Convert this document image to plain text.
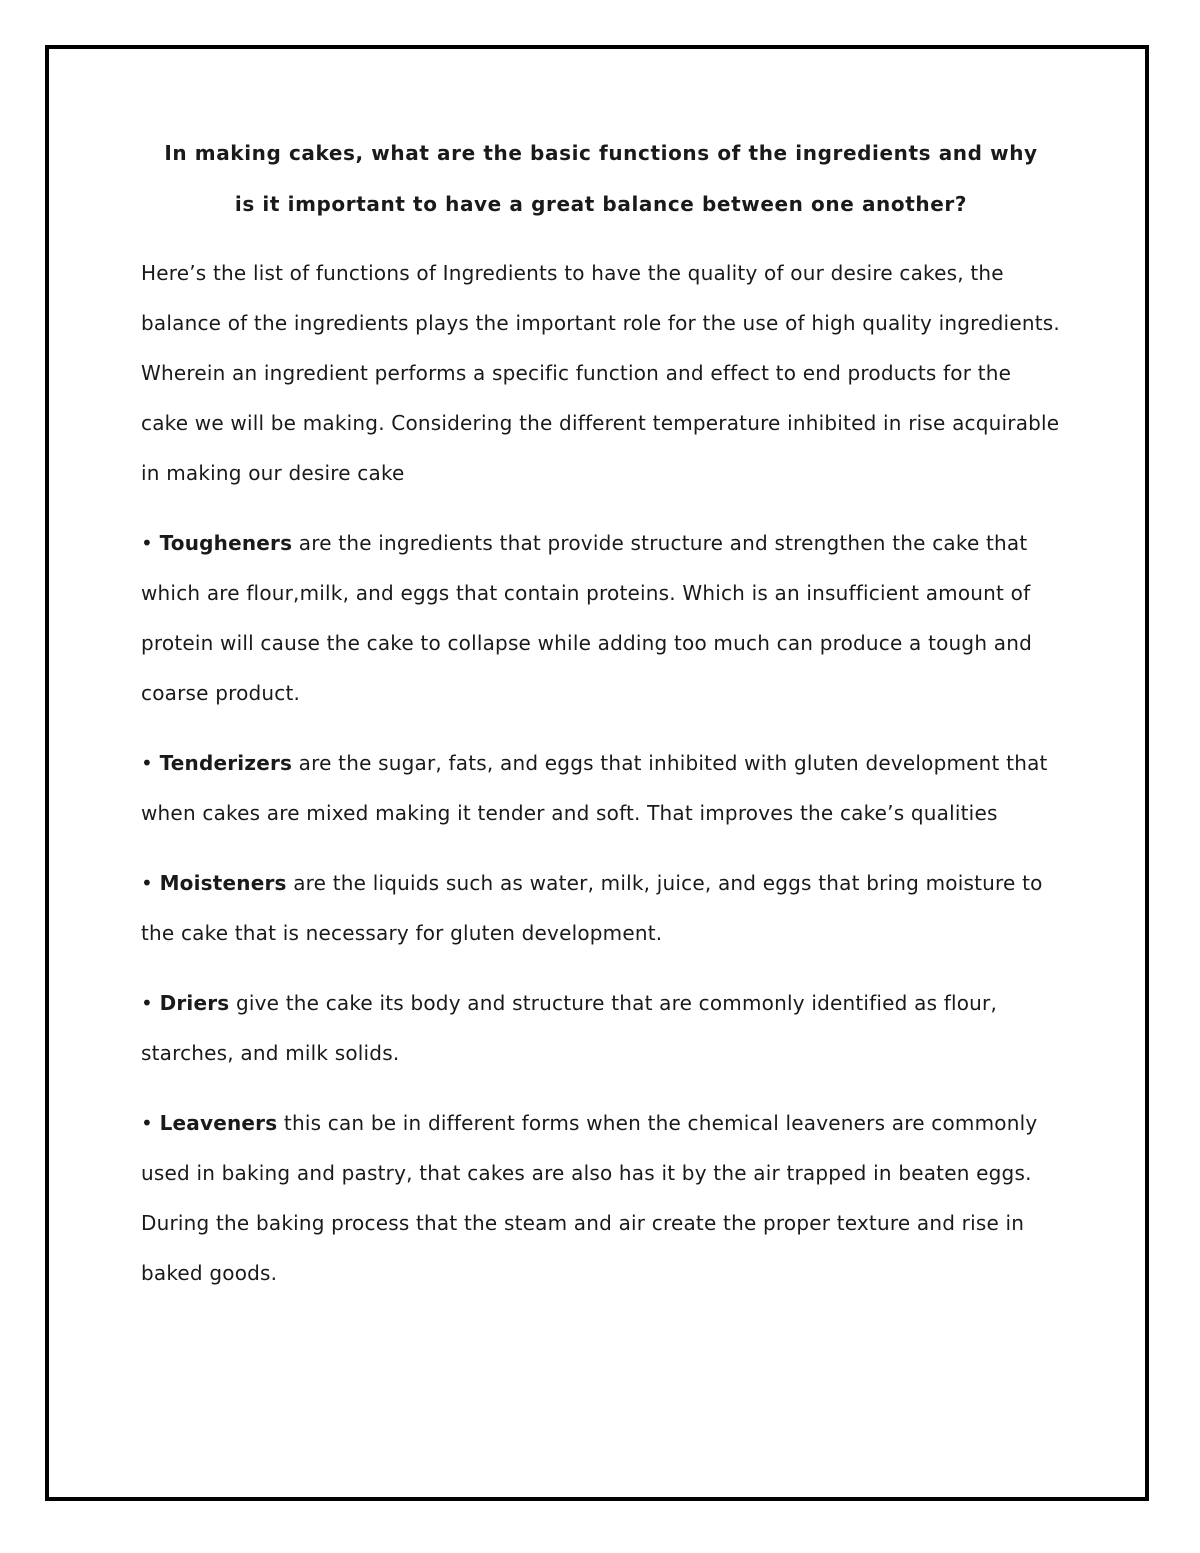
In making cakes, what are the basic functions of the ingredients and why
is it important to have a great balance between one another?

Here’s the list of functions of Ingredients to have the quality of our desire cakes, the balance of the ingredients plays the important role for the use of high quality ingredients. Wherein an ingredient performs a specific function and effect to end products for the cake we will be making. Considering the different temperature inhibited in rise acquirable in making our desire cake

• Tougheners are the ingredients that provide structure and strengthen the cake that which are flour,milk, and eggs that contain proteins. Which is an insufficient amount of protein will cause the cake to collapse while adding too much can produce a tough and coarse product.

• Tenderizers are the sugar, fats, and eggs that inhibited with gluten development that when cakes are mixed making it tender and soft. That improves the cake’s qualities

• Moisteners are the liquids such as water, milk, juice, and eggs that bring moisture to the cake that is necessary for gluten development.

• Driers give the cake its body and structure that are commonly identified as flour, starches, and milk solids.

• Leaveners this can be in different forms when the chemical leaveners are commonly used in baking and pastry, that cakes are also has it by the air trapped in beaten eggs. During the baking process that the steam and air create the proper texture and rise in baked goods.
